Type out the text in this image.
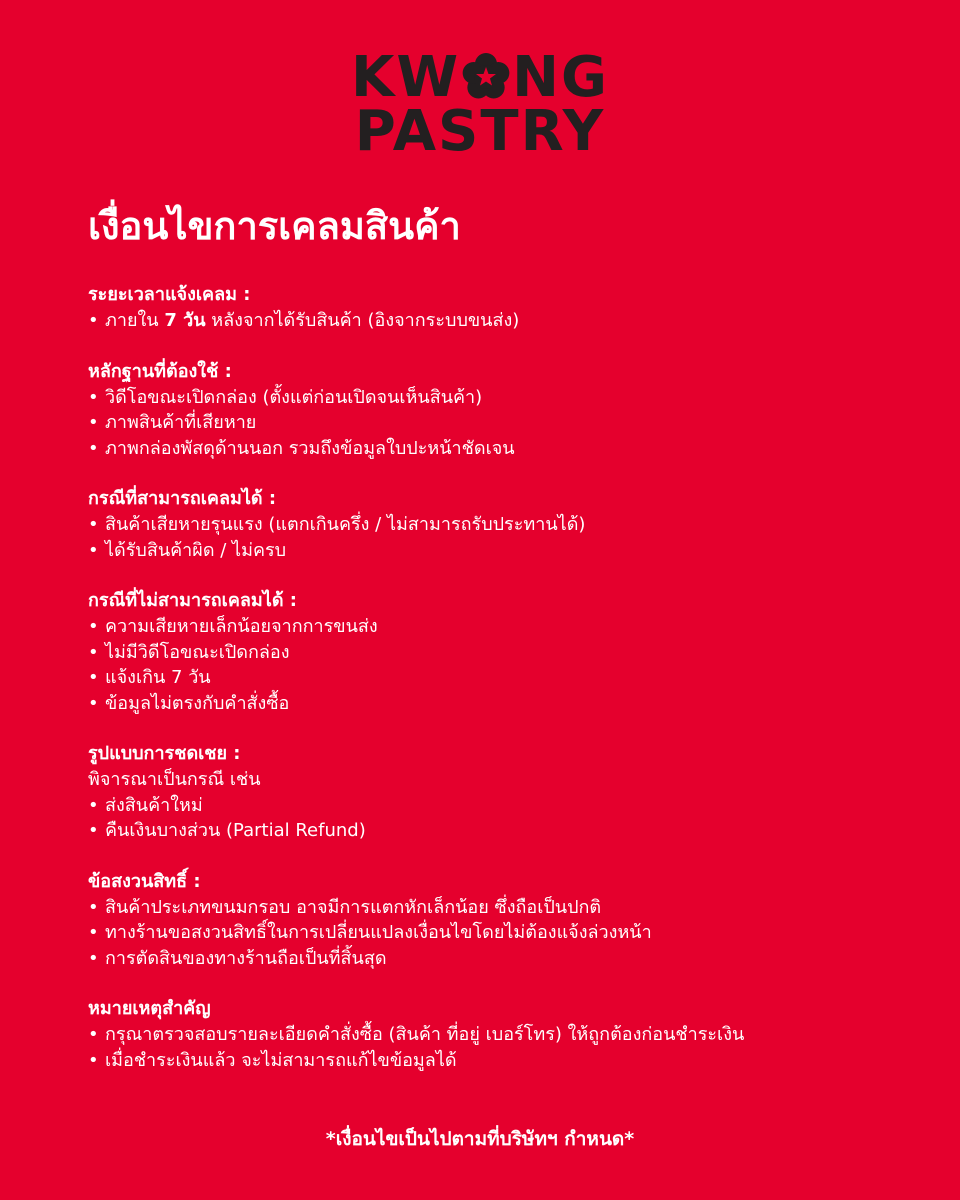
KW NG
PASTRY
เงื่อนไขการเคลมสินค้า
ระยะเวลาแจ้งเคลม :
• ภายใน 7 วัน หลังจากได้รับสินค้า (อิงจากระบบขนส่ง)
หลักฐานที่ต้องใช้ :
• วิดีโอขณะเปิดกล่อง (ตั้งแต่ก่อนเปิดจนเห็นสินค้า)
• ภาพสินค้าที่เสียหาย
• ภาพกล่องพัสดุด้านนอก รวมถึงข้อมูลใบปะหน้าชัดเจน
กรณีที่สามารถเคลมได้ :
• สินค้าเสียหายรุนแรง (แตกเกินครึ่ง / ไม่สามารถรับประทานได้)
• ได้รับสินค้าผิด / ไม่ครบ
กรณีที่ไม่สามารถเคลมได้ :
• ความเสียหายเล็กน้อยจากการขนส่ง
• ไม่มีวิดีโอขณะเปิดกล่อง
• แจ้งเกิน 7 วัน
• ข้อมูลไม่ตรงกับคำสั่งซื้อ
รูปแบบการชดเชย :
พิจารณาเป็นกรณี เช่น
• ส่งสินค้าใหม่
• คืนเงินบางส่วน (Partial Refund)
ข้อสงวนสิทธิ์ :
• สินค้าประเภทขนมกรอบ อาจมีการแตกหักเล็กน้อย ซึ่งถือเป็นปกติ
• ทางร้านขอสงวนสิทธิ์ในการเปลี่ยนแปลงเงื่อนไขโดยไม่ต้องแจ้งล่วงหน้า
• การตัดสินของทางร้านถือเป็นที่สิ้นสุด
หมายเหตุสำคัญ
• กรุณาตรวจสอบรายละเอียดคำสั่งซื้อ (สินค้า ที่อยู่ เบอร์โทร) ให้ถูกต้องก่อนชำระเงิน
• เมื่อชำระเงินแล้ว จะไม่สามารถแก้ไขข้อมูลได้
*เงื่อนไขเป็นไปตามที่บริษัทฯ กำหนด*
